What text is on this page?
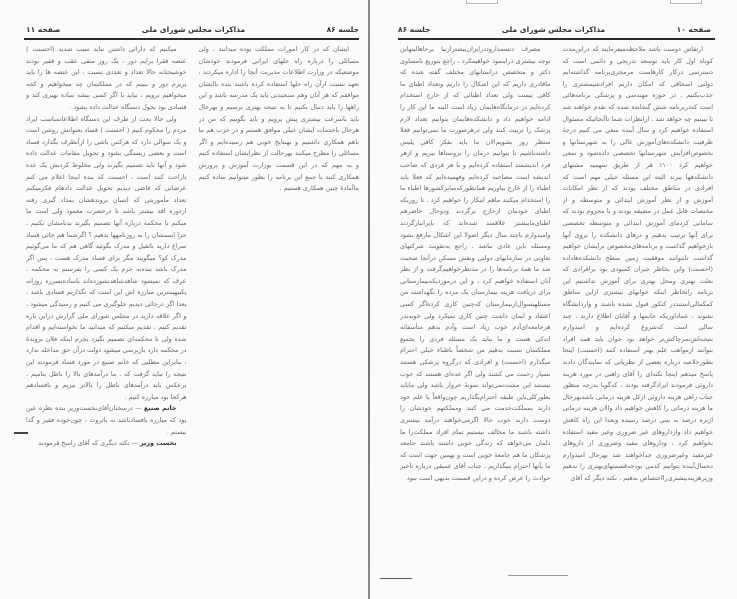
جلسه ۸۶
مذاکرات مجلس شورای ملی
صفحه ۱۱

ایشان که در کار امورات مملکت بوده میدانند ، ولی مسائلی را درباره راه حلهای ایرانی فرمودند خودشان موضعیکه در وزارت اطلاعات مدیریت آنجا را اداره میکردند ، تعهد نسبت ازآن راه حلها استفاده کرده باشند بنده باایشان موافقم که هر آنان وهم سنجیدنی باید یک مدرسه باشد و این راهها را باید دنبال بکنیم تا به نتیجه بهتری برسیم و بهرحال باید باسرعت بیشتری پیش برویم و باید بگوییم که من در هرحال باخدمات ایشان خیلی موافق هستم و در حزب هم ما باهم همکاری داشتیم و بهنتایج خوبی هم رسیده‌ایم و اگر مسائلی را مطرح میکنند بهرحالت از نظرایشان استفاده کنیم و به مهم که در این قسمت بوزارت آموزش و پرورش همکاری کنند با جمع این برنامه را بطور میتوانیم ساده کنیم ماآمادهٔ چنین همکاری هستیم .

میکنیم که دارائی داشتن نباید سبب شدید (احسنت ) عنصه فقرا برایم دور ، یک روز منفی عقب و فقیر بودند خوشبختانه حالا تعداد و تعددی نسبت ، این عنصه ها را باید بریزم دور و ببینم که در مملکتمان چه میخواهیم و کجه میخواهیم برویم ، نباید با اگر کسی بیشه ساده بهبری کند و فسادی بود بحول دستگاه عدالت داده بشود .

ولی حالا بحث از طرف این دستگاه اطلاعاتمناسب ایراد مردم را محکوم کنیم ( احسنت ) فساد بعنوانش روشن است و یک سوالی دارد که هرکس باشی را ازآنطرف بگذارد فساد است و بعضی زیستگی بشود و تحویل مقامات عدالت داده شود و آنها باید تصمیم بگیرند ولی مخلوط کردنش یک عده ناراحت کنند است ، احسنت که بنده اینجا اعلام می کنم عرضانی که قاضی دیدیم تحویل عدالت دادهام فکرمیکنم تعداد مأموریتی که انسان بروندهشان بمداد گیری رفته ازدوره اقد بیشتر باشد تا درحضرت معمود ولی است ما میکنم تا محکمه درباره آنها تصمیم بگیرند بدنامشان تکنیم ، حرا اسمشان را به روزنامهها بدهیم ؟ اگرشما هم جائی فساد سراغ دارید باتفیل و مدرک بگوئید گاهی هم که ما می‌گوئیم مدرک کو؟ میگویند مگر برای فساد مدرک هست ، پس اگر مدرک باشد بنده‌به جرم یک کسی را بفرستم به محکمه ، عرف که نمیشود شاهدشاهد‌نشورده‌اند باساده‌بسرزه روزانه یکبیهیمترین مبارزه اش این است که نگذاریم فسادی باشد ، بعدا اگر درجائی دیدیم جلوگیری می کنیم و رسیدگی میشود ، و اگر علاقه دارید در مجلس شورای ملی گزارش دراین باره تقدیم کنیم ، تقدیم میکنیم که میدانید ما نخواسته‌ایم و اقدام شده ولی تا محکمه‌ای تصمیم نگیرد بجرم اینکه فلان بروندهٔ در محکمه دارد بازپرسی میشود دولت درآن حق مداخله ندارد ، بنابراین مطلبی که خانم صنیع در مورد فساد فرمودند این نتیجه را تباید گرفت که ، ما درآمدهای بالا را باطل بنامیم ، برعکس باید درآمدهای باطل را بالاتر ببریم و بافسادهم هرکجا بود مبارزه کنیم .

خانم صنیع — درسخنان‌آقای‌نخست‌وزیر بنده نظره‌ عین بود که مبارزه بافسادباشد نه باثروت ، چون‌خوده فقیر و گدا نیستم .

نخست وزیر — نکته دیگری که آقای راسخ فرمودند

صفحه ۱۰
مذاکرات مجلس شورای ملی
جلسه ۸۶

ارتقاش دوست باشد ملاحظه‌میفرمایند که دراین‌مدت کوتاه اول کار باید توسعه تدریجی و دائمی است که دسترسی درکار کارهاست مرمجری‌برنامه‌ گذاشته‌ایم دولتی اسحاقی که امکان داریم افراد‌شیمشتری را جذب‌بکنیم . در حوزه مهندسی و پزشکی برنامه‌هائی است که‌دربرنامه‌ شش گنجانده شده که تقدم خواهند شد تا ببینیم چه خواهد شد ، ازانظرات شما تاآنجائیکه مسئوال استفاده خواهیم کرد و سال آینده سعی می کنیم درجهٔ ظرفیت دانشکده‌های‌آموزش عالی را به شهرستانها و بخصوص‌افزایش شهرستانها تخصصی داده‌شود و سعی خواهیم کرد ۱۰۰٪ هر از طریق سهمیه مشتهای دانشکدهها ببرند البته این مسئله خیلی مهم است که افرادی در مناطق مختلف بودند که از نظر امکانات آموزش و از نظر آموزش ابتدائی و متوسطه و از مختصات قابل عمل در مضیقه بودند و با محروم بودند که سامانی کردمای آموزش ابتدائی و متوسطه تخصصی برای آنها ترتیب بدهیم و درهای دانشکده را بروی آنها بازخواهیم گذاشت و برنامه‌های‌مخصوص برایشان خواهیم گذاشت تابتوانند موفقیت زمین سطح دانشکده‌ها‌داده (احسنت) واین بخاطر جبران کمبودی بود برافرادی که بعلت بهتری ومحل بهتری برای آموزش نداشتیم این برنامه رابخاطر اینکه جوانهای بیشتری ازاین مناطق کمکمالی‌استند‌در کنکور قبول نشده باشند و واردانشگاه نشوند ، عماداوزیکه خانمها و آقایان اطلاع دارند ، چند سالی است که‌شروع کرده‌ایم و امیدوارم نتیجه‌اش‌نمرچاکش‌تر خواهد بود جوان باید همه افراد بتوانند ازمواهب علم بهتر استفاده کنند (احسنت) اینجا بطورخلاصه درباره بعضی از نظریاتی که نمایندگان دادند پاسخ میدهم اینجا نکته‌ای را آقای زاهنی در مورد هزینه داروئی فرمودند ایراد‌گرفته بودند ، که‌گویا بدرجه منظور جناب زاهی هزینه داروئی ازکل هزینه درمانی باشدبهرحال ما هزینه درمانی را کاهش خواهیم داد والان هزینه درمانی ازبره درصد به سی درصد رسیده وبعدا این راه کاهش خواهیم داد وازداروهای غیر ضروری وغیر مفید استفاده نخواهیم کرد ، وداروهای مفید وضروری از داروهای غیرمفید وغیرضروری جداخواهند شد بهرحال امیدوارم‌ ده‌سال‌آینده‌ بتوانیم کدمی بودجه‌قسمتهای‌بهتری را بدهیم وزیرهزینه‌بیشتری‌را‌اختصاص بدهیم ، نکته دیگر که آقای

مصرف دتسمدارود‌درایران‌بیشترازنیا برخاهالبتهاین توجه بیشتری درابنمود خواهیمکرد ، راجع بتوزیع نامساوی دکتر و متخصص دراستانهای مختلف گفته شده که ماقادری داریم که این اشکال را داریم وتعداد اطبای ما کافی نیست ولی تعداد اطبائی که از خارج استخدام کرده‌ایم در درمانگاه‌هایمان زیاد است البته ما این کار را ادامه خواهیم داد و دانشکده‌هایمان بتوانیم تعداد لازم پزشک را تربیت کنند ولی درهرصورت ما نمی‌توانیم فعلا منتظر روز بشویم‌الان ما باید بفکر کافی پلیس داشته‌باشیم تا بتوانیم درمان را بروستاها ببریم و ازهر فرد اندیشمند استفاده کرده‌ایم و با هر فردی که صاحب اندیشه است مصاحبه کرده‌ایم وفهمیده‌ایم که فعلا باید اطباء را از خارج بیاوریم همانطورکه‌سایرکشورها اطباء ما را استخدام میکنند ماهم اینکار را خواهیم کرد . تا روزیکه اطبای خودمان ازخارج برگردند ودوحال حاضرهم اطبای‌مابیشتر علاقمند شده‌اند که بایرانبازگردند وامیدوارم باچند سال دیگر اصولا این اشکال مارفع بشود ومسئله باین عادی نباشد . راجع به‌تقویت شرکتهای تعاونی در سازمانهای دولتی ونقش مسکن درآنجا صحبت شد ما همهٔ برنامه‌ها را در مدنظرخواهیم‌گرفت و از نظر آنان استفاده خواهیم کرد ، و این درموردیکه‌بیمارستانی برای دریافت هزینه بیمارستان یک مرده را نگهداشته من مسئلهبسوال‌ازبیمارستان که‌چنین کاری کرده‌اگر کسی اعتقاد و ایمان داشت چنین کاری نمیکرد ولی خوبه‌بدر هرجامعه‌ای‌آدم خوب زیاد است وآدم بدهم متأسفانه اندکی هست و ما نباید یک مسئله فردی را بجمیع مملکتمان نسبت بدهیم من شخصاً باطباء خیلی احترام میگذارم (احسنت) و افرادی که درگروه پزشکی هستند بسیار زحمت می کشند ولی اگر عده‌ای هستند که خوب نیستند این مشت‌نمی‌تواند نمونهٔ خروار باشد ولی ماباید بطورکلی‌باین طبقه احترام‌بگذاریم چون‌واقعاً با علم خود دارند بمملکت‌خدمت می کنند ومملکتهم خودشان را دوست دارند خوب حالا اگر‌می‌خواهند درآمد بیشتری داشته باشند ما مخالف نیستیم تمام افراد مملکت‌را ما دلمان می‌خواهد که زندگی خوبی داشته باشند جامعه پزشکان ما هم جامعهٔ خوبی است و بهمین جهت است که ما بآنها احترام میگذاریم ، جناب آقای عمیقی درباره تأخیر حوادث را عرض کرده و دراین قسمت بدیهی است بنود
